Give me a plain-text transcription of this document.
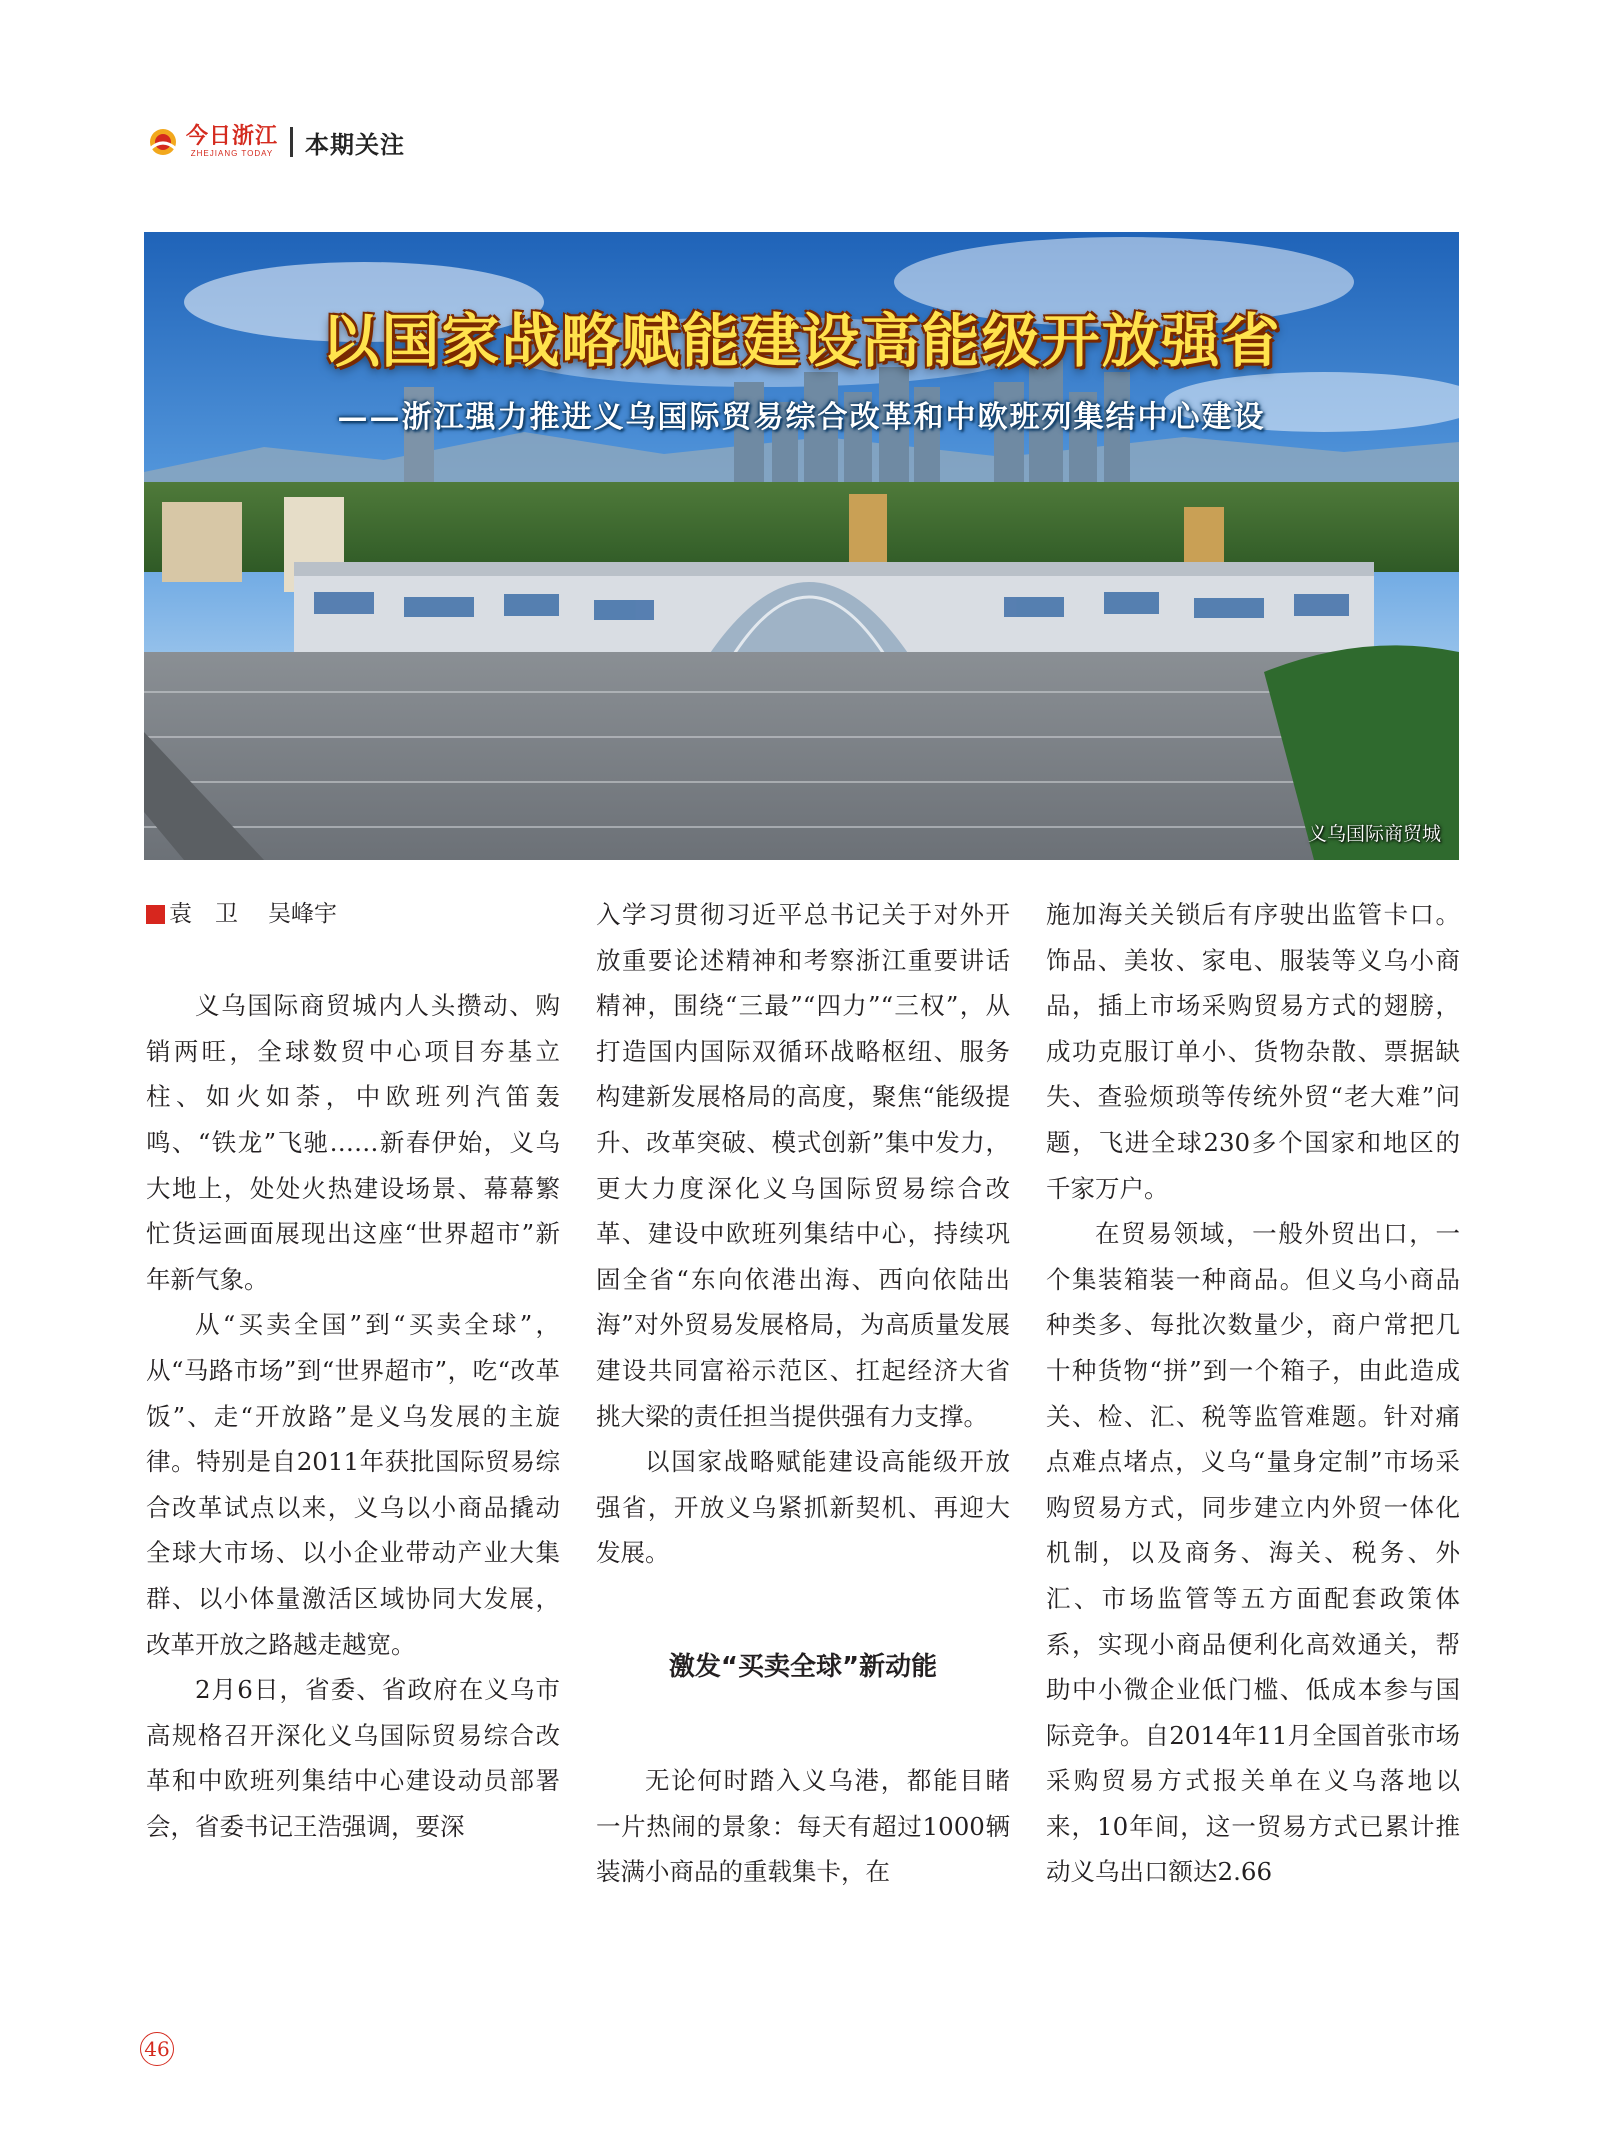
今日浙江
ZHEJIANG TODAY 本期关注
以国家战略赋能建设高能级开放强省
——浙江强力推进义乌国际贸易综合改革和中欧班列集结中心建设
义乌国际商贸城
袁　卫 吴峰宇

义乌国际商贸城内人头攒动、购销两旺，全球数贸中心项目夯基立柱、如火如荼，中欧班列汽笛轰鸣、“铁龙”飞驰……新春伊始，义乌大地上，处处火热建设场景、幕幕繁忙货运画面展现出这座“世界超市”新年新气象。

从“买卖全国”到“买卖全球”，从“马路市场”到“世界超市”，吃“改革饭”、走“开放路”是义乌发展的主旋律。特别是自2011年获批国际贸易综合改革试点以来，义乌以小商品撬动全球大市场、以小企业带动产业大集群、以小体量激活区域协同大发展，改革开放之路越走越宽。

2月6日，省委、省政府在义乌市高规格召开深化义乌国际贸易综合改革和中欧班列集结中心建设动员部署会，省委书记王浩强调，要深

入学习贯彻习近平总书记关于对外开放重要论述精神和考察浙江重要讲话精神，围绕“三最”“四力”“三权”，从打造国内国际双循环战略枢纽、服务构建新发展格局的高度，聚焦“能级提升、改革突破、模式创新”集中发力，更大力度深化义乌国际贸易综合改革、建设中欧班列集结中心，持续巩固全省“东向依港出海、西向依陆出海”对外贸易发展格局，为高质量发展建设共同富裕示范区、扛起经济大省挑大梁的责任担当提供强有力支撑。

以国家战略赋能建设高能级开放强省，开放义乌紧抓新契机、再迎大发展。

激发“买卖全球”新动能

无论何时踏入义乌港，都能目睹一片热闹的景象：每天有超过1000辆装满小商品的重载集卡，在

施加海关关锁后有序驶出监管卡口。饰品、美妆、家电、服装等义乌小商品，插上市场采购贸易方式的翅膀，成功克服订单小、货物杂散、票据缺失、查验烦琐等传统外贸“老大难”问题，飞进全球230多个国家和地区的千家万户。

在贸易领域，一般外贸出口，一个集装箱装一种商品。但义乌小商品种类多、每批次数量少，商户常把几十种货物“拼”到一个箱子，由此造成关、检、汇、税等监管难题。针对痛点难点堵点，义乌“量身定制”市场采购贸易方式，同步建立内外贸一体化机制，以及商务、海关、税务、外汇、市场监管等五方面配套政策体系，实现小商品便利化高效通关，帮助中小微企业低门槛、低成本参与国际竞争。自2014年11月全国首张市场采购贸易方式报关单在义乌落地以来，10年间，这一贸易方式已累计推动义乌出口额达2.66

46
